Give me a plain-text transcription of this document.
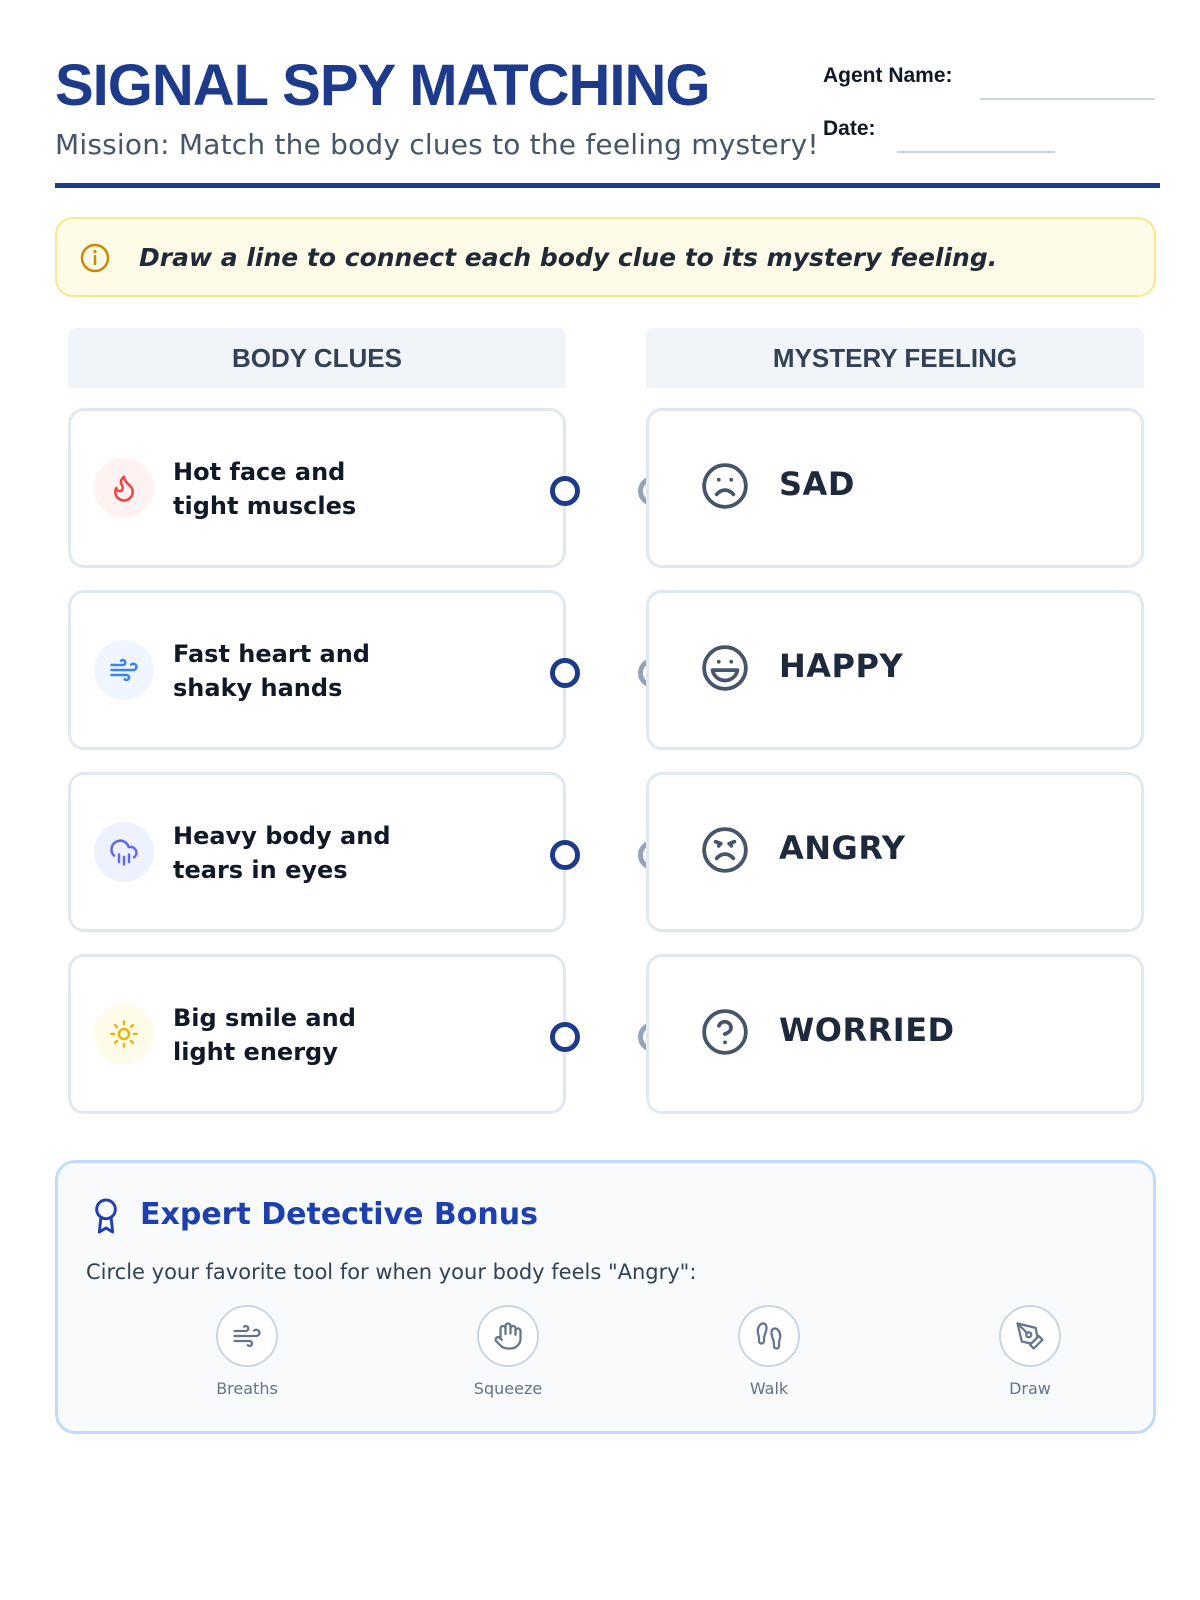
SIGNAL SPY MATCHING
Mission: Match the body clues to the feeling mystery!
Agent Name:
Date:
Draw a line to connect each body clue to its mystery feeling.
BODY CLUES	MYSTERY FEELING
Hot face and
tight muscles
Fast heart and
shaky hands
Heavy body and
tears in eyes
Big smile and
light energy
SAD
HAPPY
ANGRY
WORRIED
Expert Detective Bonus
Circle your favorite tool for when your body feels "Angry":
Breaths	Squeeze	Walk	Draw
